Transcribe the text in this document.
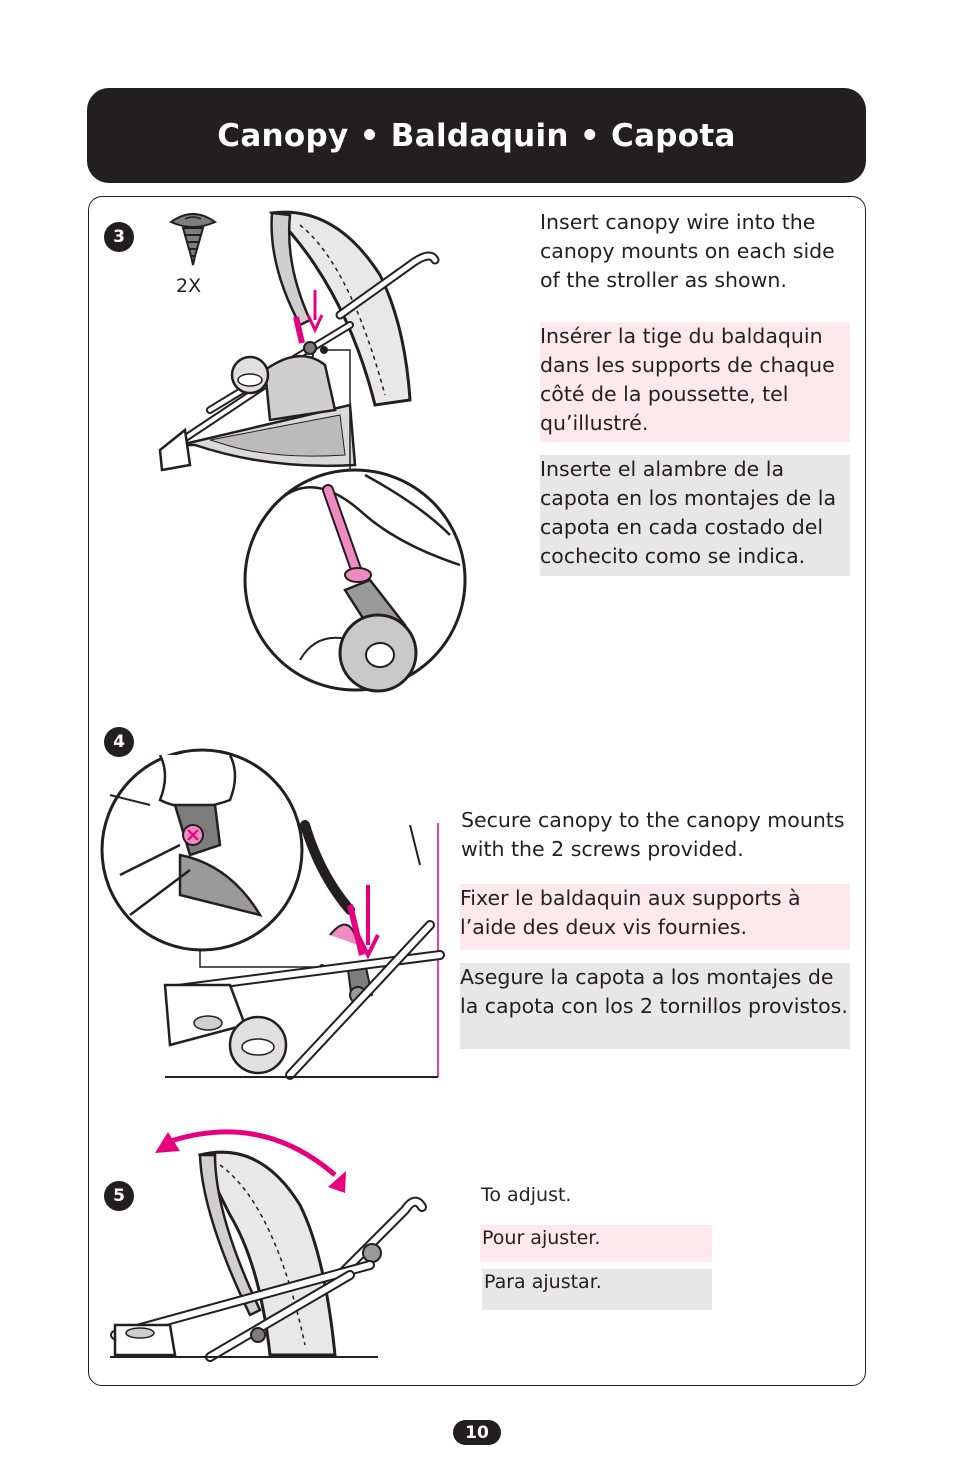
Canopy • Baldaquin • Capota
3
2X
Insert canopy wire into the canopy mounts on each side of the stroller as shown.
Insérer la tige du baldaquin dans les supports de chaque côté de la poussette, tel qu’illustré.
Inserte el alambre de la capota en los montajes de la capota en cada costado del cochecito como se indica.
4
Secure canopy to the canopy mounts with the 2 screws provided.
Fixer le baldaquin aux supports à l’aide des deux vis fournies.
Asegure la capota a los montajes de la capota con los 2 tornillos provistos.
5	To adjust.
Pour ajuster.
Para ajustar.
10
